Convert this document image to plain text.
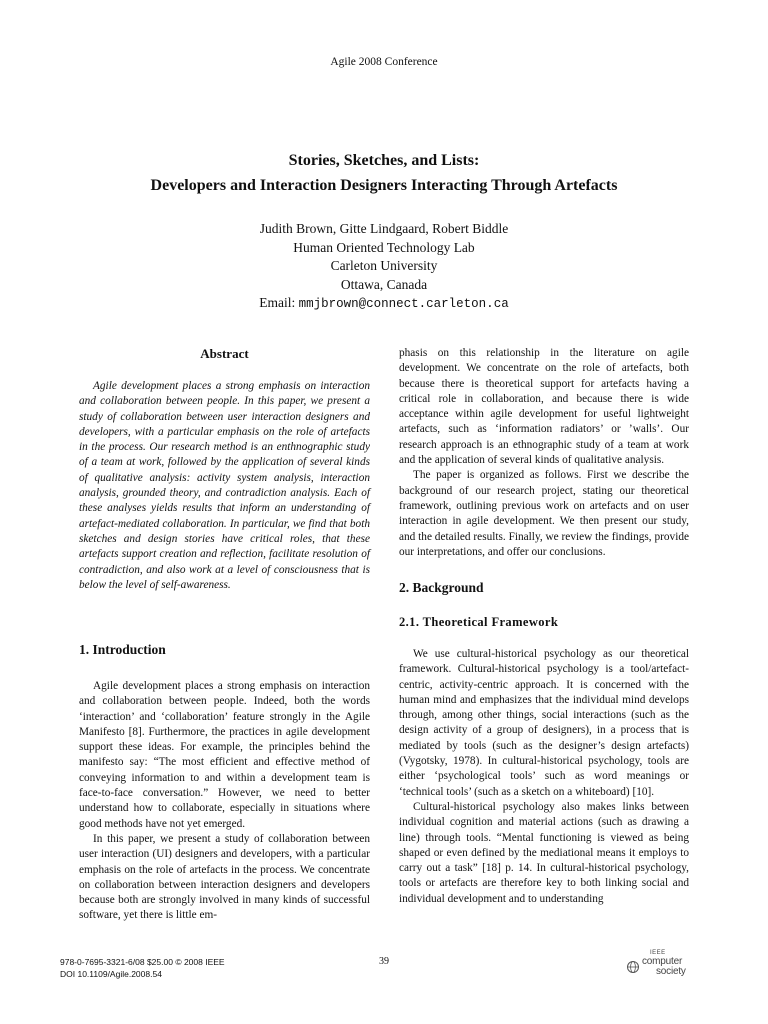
Agile 2008 Conference
Stories, Sketches, and Lists:
Developers and Interaction Designers Interacting Through Artefacts
Judith Brown, Gitte Lindgaard, Robert Biddle
Human Oriented Technology Lab
Carleton University
Ottawa, Canada
Email: mmjbrown@connect.carleton.ca
Abstract

Agile development places a strong emphasis on interaction and collaboration between people. In this paper, we present a study of collaboration between user interaction designers and developers, with a particular emphasis on the role of artefacts in the process. Our research method is an enthnographic study of a team at work, followed by the application of several kinds of qualitative analysis: activity system analysis, interaction analysis, grounded theory, and contradiction analysis. Each of these analyses yields results that inform an understanding of artefact-mediated collaboration. In particular, we find that both sketches and design stories have critical roles, that these artefacts support creation and reflection, facilitate resolution of contradiction, and also work at a level of consciousness that is below the level of self-awareness.

1. Introduction

Agile development places a strong emphasis on interaction and collaboration between people. Indeed, both the words ‘interaction’ and ‘collaboration’ feature strongly in the Agile Manifesto [8]. Furthermore, the practices in agile development support these ideas. For example, the principles behind the manifesto say: “The most efficient and effective method of conveying information to and within a development team is face-to-face conversation.” However, we need to better understand how to collaborate, especially in situations where good methods have not yet emerged.

In this paper, we present a study of collaboration between user interaction (UI) designers and developers, with a particular emphasis on the role of artefacts in the process. We concentrate on collaboration between interaction designers and developers because both are strongly involved in many kinds of successful software, yet there is little em-

phasis on this relationship in the literature on agile development. We concentrate on the role of artefacts, both because there is theoretical support for artefacts having a critical role in collaboration, and because there is wide acceptance within agile development for useful lightweight artefacts, such as ‘information radiators’ or ’walls’. Our research approach is an ethnographic study of a team at work and the application of several kinds of qualitative analysis.

The paper is organized as follows. First we describe the background of our research project, stating our theoretical framework, outlining previous work on artefacts and on user interaction in agile development. We then present our study, and the detailed results. Finally, we review the findings, provide our interpretations, and offer our conclusions.

2. Background
2.1. Theoretical Framework

We use cultural-historical psychology as our theoretical framework. Cultural-historical psychology is a tool/artefact-centric, activity-centric approach. It is concerned with the human mind and emphasizes that the individual mind develops through, among other things, social interactions (such as the design activity of a group of designers), in a process that is mediated by tools (such as the designer’s design artefacts) (Vygotsky, 1978). In cultural-historical psychology, tools are either ‘psychological tools’ such as word meanings or ‘technical tools’ (such as a sketch on a whiteboard) [10].

Cultural-historical psychology also makes links between individual cognition and material actions (such as drawing a line) through tools. “Mental functioning is viewed as being shaped or even defined by the mediational means it employs to carry out a task” [18] p. 14. In cultural-historical psychology, tools or artefacts are therefore key to both linking social and individual development and to understanding

978-0-7695-3321-6/08 $25.00 © 2008 IEEE
DOI 10.1109/Agile.2008.54
39
IEEE
computer
society
